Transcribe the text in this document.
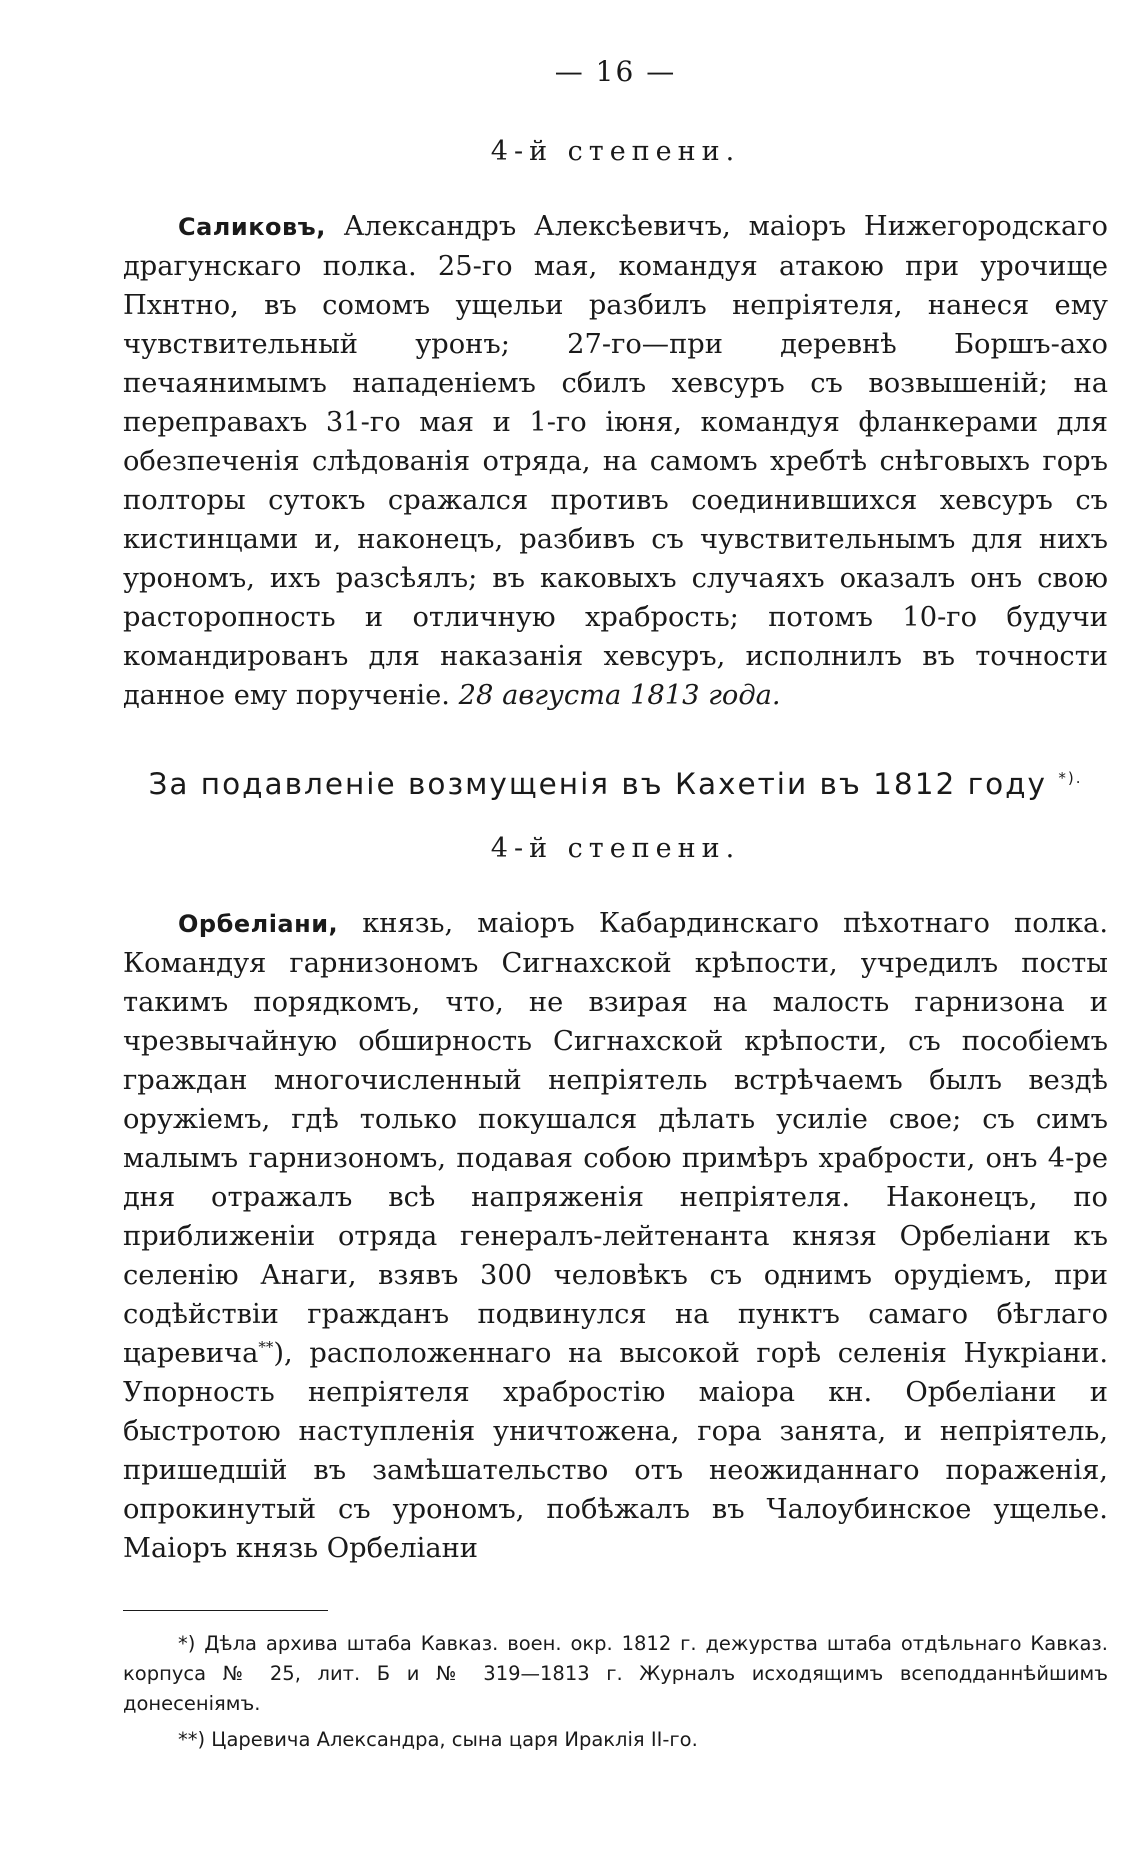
— 16 —
4-й степени.

Саликовъ, Александръ Алексѣевичъ, маіоръ Нижегородскаго драгунскаго полка. 25-го мая, командуя атакою при урочище Пхнтно, въ сомомъ ущельи разбилъ непріятеля, нанеся ему чувствительный уронъ; 27-го—при деревнѣ Боршъ-ахо печаянимымъ нападеніемъ сбилъ хевсуръ съ возвышеній; на переправахъ 31-го мая и 1-го іюня, командуя фланкерами для обезпеченія слѣдованія отряда, на самомъ хребтѣ снѣговыхъ горъ полторы сутокъ сражался противъ соединившихся хевсуръ съ кистинцами и, наконецъ, разбивъ съ чувствительнымъ для нихъ урономъ, ихъ разсѣялъ; въ каковыхъ случаяхъ оказалъ онъ свою расторопность и отличную храбрость; потомъ 10-го будучи командированъ для наказанія хевсуръ, исполнилъ въ точности данное ему порученіе. 28 августа 1813 года.

За подавленіе возмущенія въ Кахетіи въ 1812 году *).
4-й степени.

Орбеліани, князь, маіоръ Кабардинскаго пѣхотнаго полка. Командуя гарнизономъ Сигнахской крѣпости, учредилъ посты такимъ порядкомъ, что, не взирая на малость гарнизона и чрезвычайную обширность Сигнахской крѣпости, съ пособіемъ граждан многочисленный непріятель встрѣчаемъ былъ вездѣ оружіемъ, гдѣ только покушался дѣлать усиліе свое; съ симъ малымъ гарнизономъ, подавая собою примѣръ храбрости, онъ 4-ре дня отражалъ всѣ напряженія непріятеля. Наконецъ, по приближеніи отряда генералъ-лейтенанта князя Орбеліани къ селенію Анаги, взявъ 300 человѣкъ съ однимъ орудіемъ, при содѣйствіи гражданъ подвинулся на пунктъ самаго бѣглаго царевича**), расположеннаго на высокой горѣ селенія Нукріани. Упорность непріятеля храбростію маіора кн. Орбеліани и быстротою наступленія уничтожена, гора занята, и непріятель, пришедшій въ замѣшательство отъ неожиданнаго пораженія, опрокинутый съ урономъ, побѣжалъ въ Чалоубинское ущелье. Маіоръ князь Орбеліани

*) Дѣла архива штаба Кавказ. воен. окр. 1812 г. дежурства штаба отдѣльнаго Кавказ. корпуса № 25, лит. Б и № 319—1813 г. Журналъ исходящимъ всеподданнѣйшимъ донесеніямъ.

**) Царевича Александра, сына царя Ираклія II-го.
